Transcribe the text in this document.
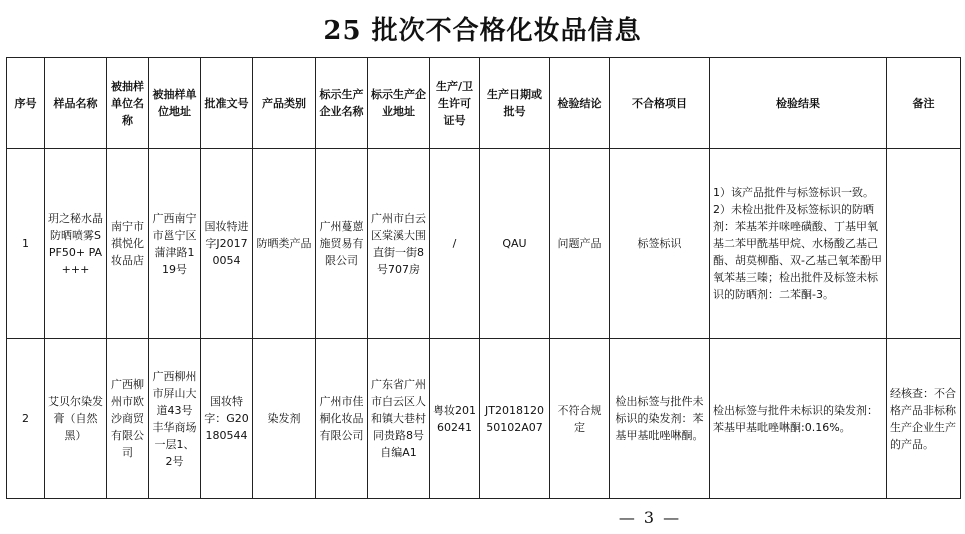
25 批次不合格化妆品信息
序号	样品名称	被抽样单位名称	被抽样单位地址	批准文号	产品类别	标示生产企业名称	标示生产企业地址	生产/卫生许可证号	生产日期或批号	检验结论	不合格项目	检验结果	备注
1	玥之秘水晶防晒喷雾SPF50+ PA+++	南宁市祺悦化妆品店	广西南宁市邕宁区蒲津路119号	国妆特进字J20170054	防晒类产品	广州蔓蒽施贸易有限公司	广州市白云区棠溪大围直街一街8号707房	/	QAU	问题产品	标签标识	1）该产品批件与标签标识一致。2）未检出批件及标签标识的防晒剂：苯基苯并咪唑磺酸、丁基甲氧基二苯甲酰基甲烷、水杨酸乙基己酯、胡莫柳酯、双-乙基己氧苯酚甲氧苯基三嗪；检出批件及标签未标识的防晒剂：二苯酮-3。	
2	艾贝尔染发膏（自然黑）	广西柳州市欧沙商贸有限公司	广西柳州市屏山大道43号丰华商场一层1、2号	国妆特字：G20180544	染发剂	广州市佳桐化妆品有限公司	广东省广州市白云区人和镇大巷村同贵路8号自编A1	粤妆20160241	JT201812050102A07	不符合规定	检出标签与批件未标识的染发剂：苯基甲基吡唑啉酮。	检出标签与批件未标识的染发剂：苯基甲基吡唑啉酮:0.16%。	经核查：不合格产品非标称生产企业生产的产品。
— 3 —
